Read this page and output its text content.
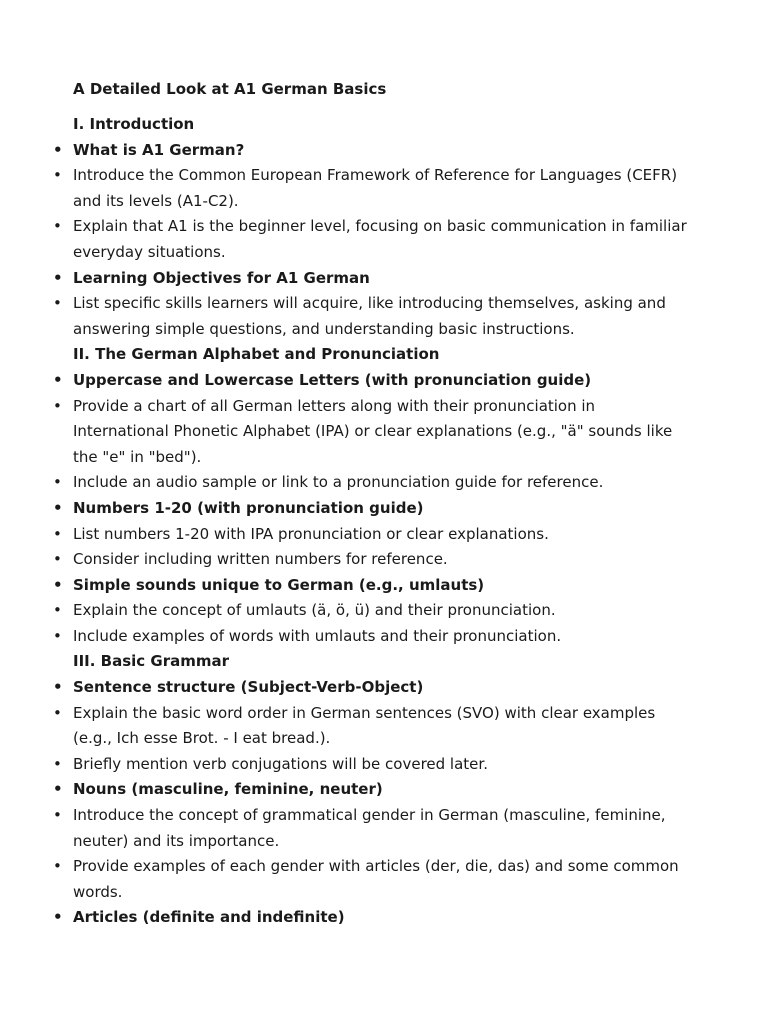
A Detailed Look at A1 German Basics
I. Introduction
• What is A1 German?
• Introduce the Common European Framework of Reference for Languages (CEFR) and its levels (A1-C2).
• Explain that A1 is the beginner level, focusing on basic communication in familiar everyday situations.
• Learning Objectives for A1 German
• List specific skills learners will acquire, like introducing themselves, asking and answering simple questions, and understanding basic instructions.
II. The German Alphabet and Pronunciation
• Uppercase and Lowercase Letters (with pronunciation guide)
• Provide a chart of all German letters along with their pronunciation in International Phonetic Alphabet (IPA) or clear explanations (e.g., "ä" sounds like the "e" in "bed").
• Include an audio sample or link to a pronunciation guide for reference.
• Numbers 1-20 (with pronunciation guide)
• List numbers 1-20 with IPA pronunciation or clear explanations.
• Consider including written numbers for reference.
• Simple sounds unique to German (e.g., umlauts)
• Explain the concept of umlauts (ä, ö, ü) and their pronunciation.
• Include examples of words with umlauts and their pronunciation.
III. Basic Grammar
• Sentence structure (Subject-Verb-Object)
• Explain the basic word order in German sentences (SVO) with clear examples (e.g., Ich esse Brot. - I eat bread.).
• Briefly mention verb conjugations will be covered later.
• Nouns (masculine, feminine, neuter)
• Introduce the concept of grammatical gender in German (masculine, feminine, neuter) and its importance.
• Provide examples of each gender with articles (der, die, das) and some common words.
• Articles (definite and indefinite)
